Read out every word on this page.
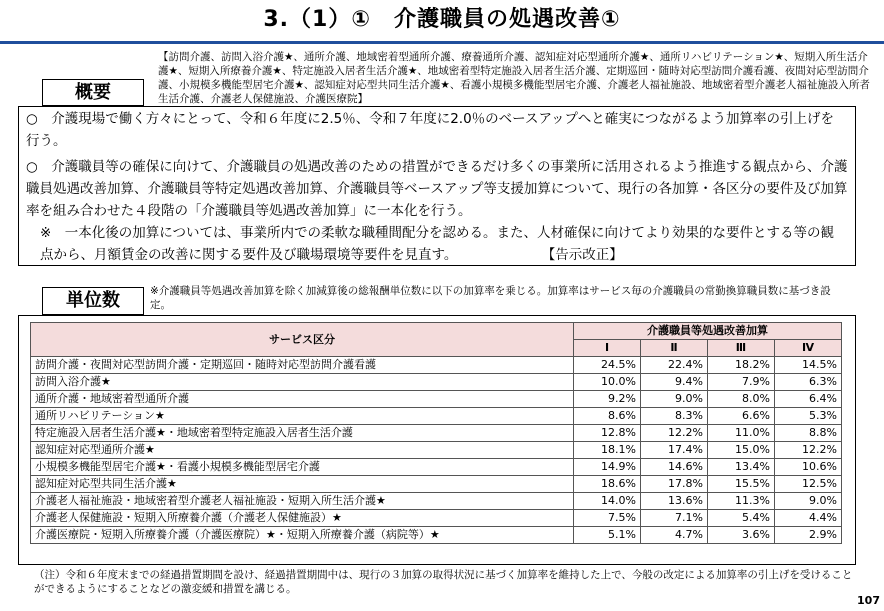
3.（1）①　介護職員の処遇改善①
【訪問介護、訪問入浴介護★、通所介護、地域密着型通所介護、療養通所介護、認知症対応型通所介護★、通所リハビリテーション★、短期入所生活介護★、短期入所療養介護★、特定施設入居者生活介護★、地域密着型特定施設入居者生活介護、定期巡回・随時対応型訪問介護看護、夜間対応型訪問介護、小規模多機能型居宅介護★、認知症対応型共同生活介護★、看護小規模多機能型居宅介護、介護老人福祉施設、地域密着型介護老人福祉施設入所者生活介護、介護老人保健施設、介護医療院】
概要
○　介護現場で働く方々にとって、令和６年度に2.5％、令和７年度に2.0％のベースアップへと確実につながるよう加算率の引上げを行う。
○　介護職員等の確保に向けて、介護職員の処遇改善のための措置ができるだけ多くの事業所に活用されるよう推進する観点から、介護職員処遇改善加算、介護職員等特定処遇改善加算、介護職員等ベースアップ等支援加算について、現行の各加算・各区分の要件及び加算率を組み合わせた４段階の「介護職員等処遇改善加算」に一本化を行う。
※　一本化後の加算については、事業所内での柔軟な職種間配分を認める。また、人材確保に向けてより効果的な要件とする等の観点から、月額賃金の改善に関する要件及び職場環境等要件を見直す。	【告示改正】
単位数	※介護職員等処遇改善加算を除く加減算後の総報酬単位数に以下の加算率を乗じる。加算率はサービス毎の介護職員の常勤換算職員数に基づき設定。
サービス区分	介護職員等処遇改善加算			
	Ⅰ	Ⅱ	Ⅲ	Ⅳ
訪問介護・夜間対応型訪問介護・定期巡回・随時対応型訪問介護看護	24.5%	22.4%	18.2%	14.5%
訪問入浴介護★	10.0%	9.4%	7.9%	6.3%
通所介護・地域密着型通所介護	9.2%	9.0%	8.0%	6.4%
通所リハビリテーション★	8.6%	8.3%	6.6%	5.3%
特定施設入居者生活介護★・地域密着型特定施設入居者生活介護	12.8%	12.2%	11.0%	8.8%
認知症対応型通所介護★	18.1%	17.4%	15.0%	12.2%
小規模多機能型居宅介護★・看護小規模多機能型居宅介護	14.9%	14.6%	13.4%	10.6%
認知症対応型共同生活介護★	18.6%	17.8%	15.5%	12.5%
介護老人福祉施設・地域密着型介護老人福祉施設・短期入所生活介護★	14.0%	13.6%	11.3%	9.0%
介護老人保健施設・短期入所療養介護（介護老人保健施設）★	7.5%	7.1%	5.4%	4.4%
介護医療院・短期入所療養介護（介護医療院）★・短期入所療養介護（病院等）★	5.1%	4.7%	3.6%	2.9%
（注）令和６年度末までの経過措置期間を設け、経過措置期間中は、現行の３加算の取得状況に基づく加算率を維持した上で、今般の改定による加算率の引上げを受けることができるようにすることなどの激変緩和措置を講じる。
107
